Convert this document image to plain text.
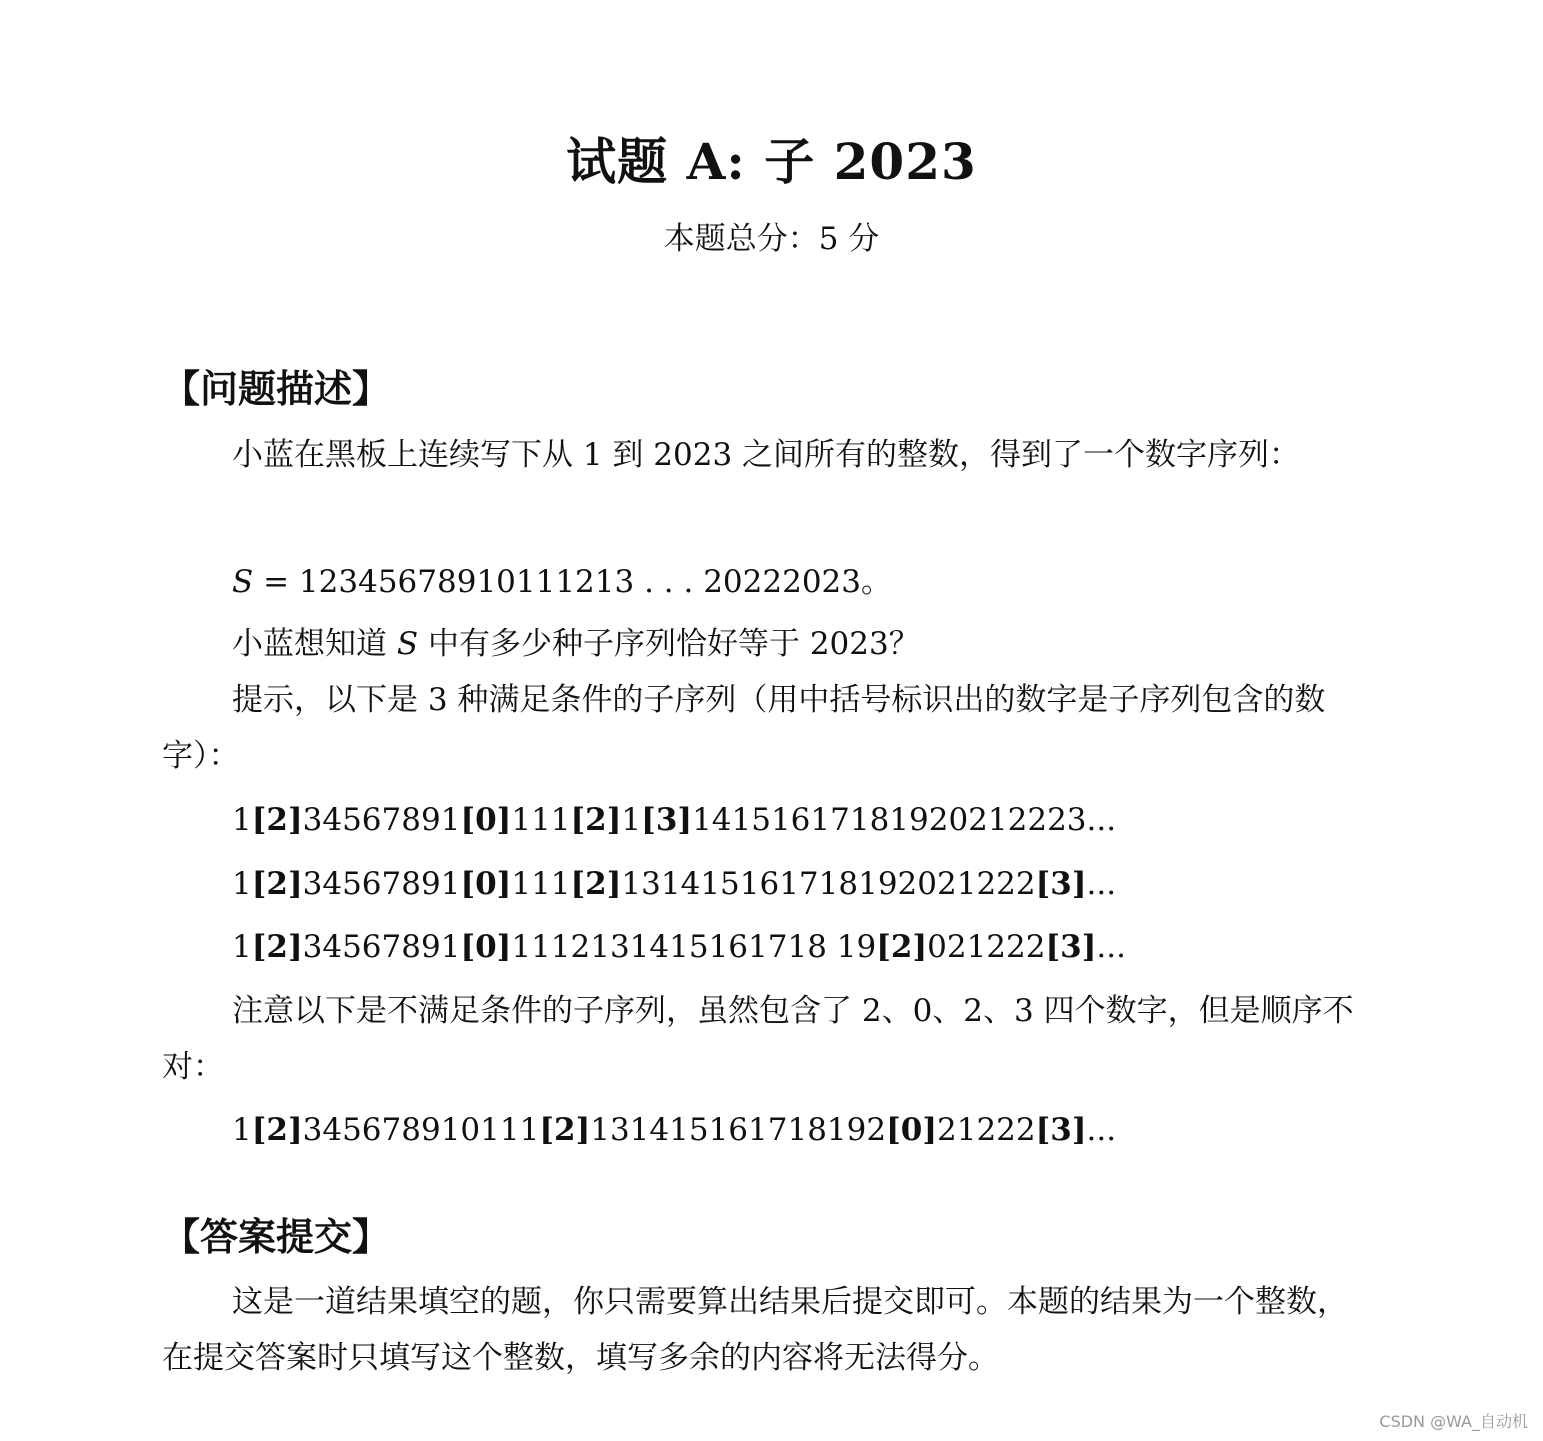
试题 A: 子 2023
本题总分：5 分
【问题描述】
小蓝在黑板上连续写下从 1 到 2023 之间所有的整数，得到了一个数字序列：
S = 12345678910111213 . . . 20222023。
小蓝想知道 S 中有多少种子序列恰好等于 2023？
提示，以下是 3 种满足条件的子序列（用中括号标识出的数字是子序列包含的数字）：
1[2]34567891[0]111[2]1[3]14151617181920212223...
1[2]34567891[0]111[2]131415161718192021222[3]...
1[2]34567891[0]1112131415161718 19[2]021222[3]...
注意以下是不满足条件的子序列，虽然包含了 2、0、2、3 四个数字，但是顺序不对：
1[2]345678910111[2]131415161718192[0]21222[3]...
【答案提交】
这是一道结果填空的题，你只需要算出结果后提交即可。本题的结果为一个整数，在提交答案时只填写这个整数，填写多余的内容将无法得分。
CSDN @WA_自动机
